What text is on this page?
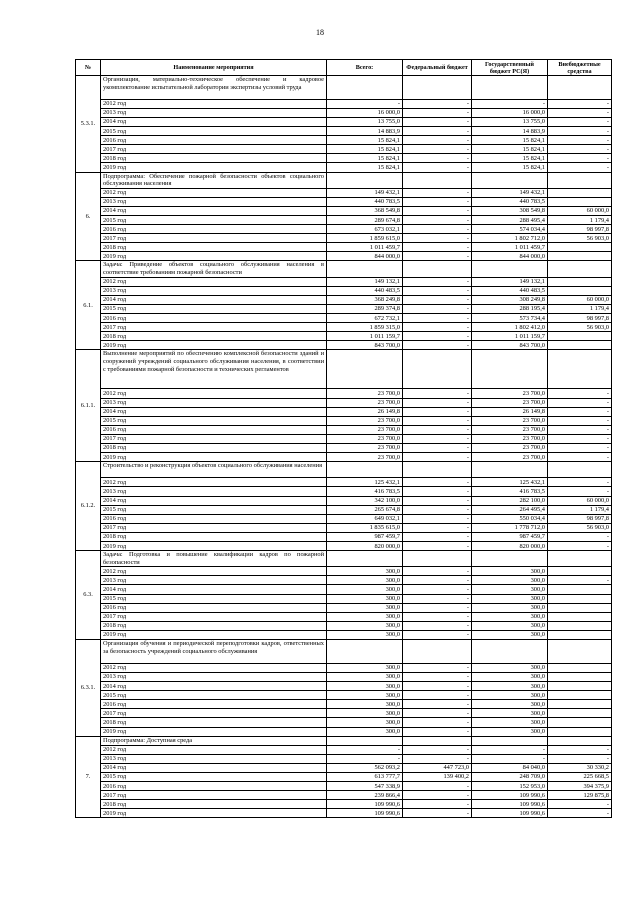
18
№	Наименование мероприятия	Всего:	Федеральный бюджет	Государственный бюджет РС(Я)	Внебюджетные средства
5.3.1.	Организация, материально-техническое обеспечение и кадровое укомплектование испытательной лаборатории экспертизы условий труда				
	2012 год	-	-	-	-
	2013 год	16 000,0	-	16 000,0	-
	2014 год	13 755,0	-	13 755,0	-
	2015 год	14 883,9	-	14 883,9	-
	2016 год	15 824,1	-	15 824,1	-
	2017 год	15 824,1	-	15 824,1	-
	2018 год	15 824,1	-	15 824,1	-
	2019 год	15 824,1	-	15 824,1	-
6.	Подпрограмма: Обеспечение пожарной безопасности объектов социального обслуживания населения				
	2012 год	149 432,1	-	149 432,1	
	2013 год	440 783,5	-	440 783,5	
	2014 год	368 549,8	-	308 549,8	60 000,0
	2015 год	289 674,8	-	288 495,4	1 179,4
	2016 год	673 032,1	-	574 034,4	98 997,8
	2017 год	1 859 615,0	-	1 802 712,0	56 903,0
	2018 год	1 011 459,7	-	1 011 459,7	
	2019 год	844 000,0	-	844 000,0	
6.1.	Задача: Приведение объектов социального обслуживания населения в соответствие требованиям пожарной безопасности				
	2012 год	149 132,1	-	149 132,1	
	2013 год	440 483,5	-	440 483,5	
	2014 год	368 249,8	-	308 249,8	60 000,0
	2015 год	289 374,8	-	288 195,4	1 179,4
	2016 год	672 732,1	-	573 734,4	98 997,8
	2017 год	1 859 315,0	-	1 802 412,0	56 903,0
	2018 год	1 011 159,7	-	1 011 159,7	
	2019 год	843 700,0	-	843 700,0	
6.1.1.	Выполнение мероприятий по обеспечению комплексной безопасности зданий и сооружений учреждений социального обслуживания населения, в соответствии с требованиями пожарной безопасности и технических регламентов				
	2012 год	23 700,0	-	23 700,0	-
	2013 год	23 700,0	-	23 700,0	-
	2014 год	26 149,8	-	26 149,8	-
	2015 год	23 700,0	-	23 700,0	-
	2016 год	23 700,0	-	23 700,0	-
	2017 год	23 700,0	-	23 700,0	-
	2018 год	23 700,0	-	23 700,0	-
	2019 год	23 700,0	-	23 700,0	-
6.1.2.	Строительство и реконструкция объектов социального обслуживания населения				
	2012 год	125 432,1	-	125 432,1	-
	2013 год	416 783,5	-	416 783,5	-
	2014 год	342 100,0	-	282 100,0	60 000,0
	2015 год	265 674,8	-	264 495,4	1 179,4
	2016 год	649 032,1	-	550 034,4	98 997,8
	2017 год	1 835 615,0	-	1 778 712,0	56 903,0
	2018 год	987 459,7	-	987 459,7	-
	2019 год	820 000,0	-	820 000,0	-
6.3.	Задача: Подготовка и повышение квалификации кадров по пожарной безопасности				
	2012 год	300,0	-	300,0	
	2013 год	300,0	-	300,0	-
	2014 год	300,0	-	300,0	
	2015 год	300,0	-	300,0	
	2016 год	300,0	-	300,0	
	2017 год	300,0	-	300,0	
	2018 год	300,0	-	300,0	
	2019 год	300,0	-	300,0	
6.3.1.	Организация обучения и периодической переподготовки кадров, ответственных за безопасность учреждений социального обслуживания				
	2012 год	300,0	-	300,0	
	2013 год	300,0	-	300,0	
	2014 год	300,0	-	300,0	
	2015 год	300,0	-	300,0	
	2016 год	300,0	-	300,0	
	2017 год	300,0	-	300,0	
	2018 год	300,0	-	300,0	
	2019 год	300,0	-	300,0	
7.	Подпрограмма: Доступная среда				
	2012 год	-	-	-	-
	2013 год	-	-	-	-
	2014 год	562 093,2	447 723,0	84 040,0	30 330,2
	2015 год	613 777,7	139 400,2	248 709,0	225 668,5
	2016 год	547 338,9	-	152 953,0	394 375,9
	2017 год	239 866,4	-	109 990,6	129 875,8
	2018 год	109 990,6	-	109 990,6	-
	2019 год	109 990,6	-	109 990,6	-
